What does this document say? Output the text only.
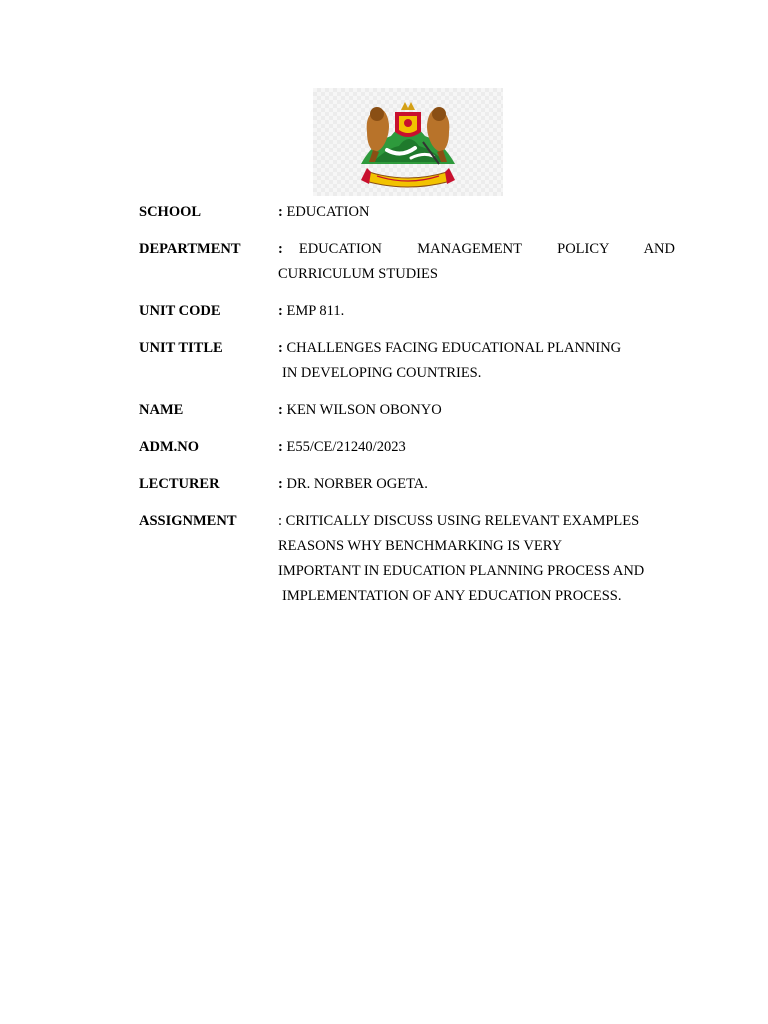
SCHOOL	: EDUCATION
DEPARTMENT	:	EDUCATION MANAGEMENT POLICY AND
CURRICULUM STUDIES
UNIT CODE	: EMP 811.
UNIT TITLE	: CHALLENGES FACING EDUCATIONAL PLANNING
IN DEVELOPING COUNTRIES.
NAME	: KEN WILSON OBONYO
ADM.NO	: E55/CE/21240/2023
LECTURER	: DR. NORBER OGETA.
ASSIGNMENT	: CRITICALLY DISCUSS USING RELEVANT EXAMPLES
REASONS WHY BENCHMARKING IS VERY
IMPORTANT IN EDUCATION PLANNING PROCESS AND
IMPLEMENTATION OF ANY EDUCATION PROCESS.
